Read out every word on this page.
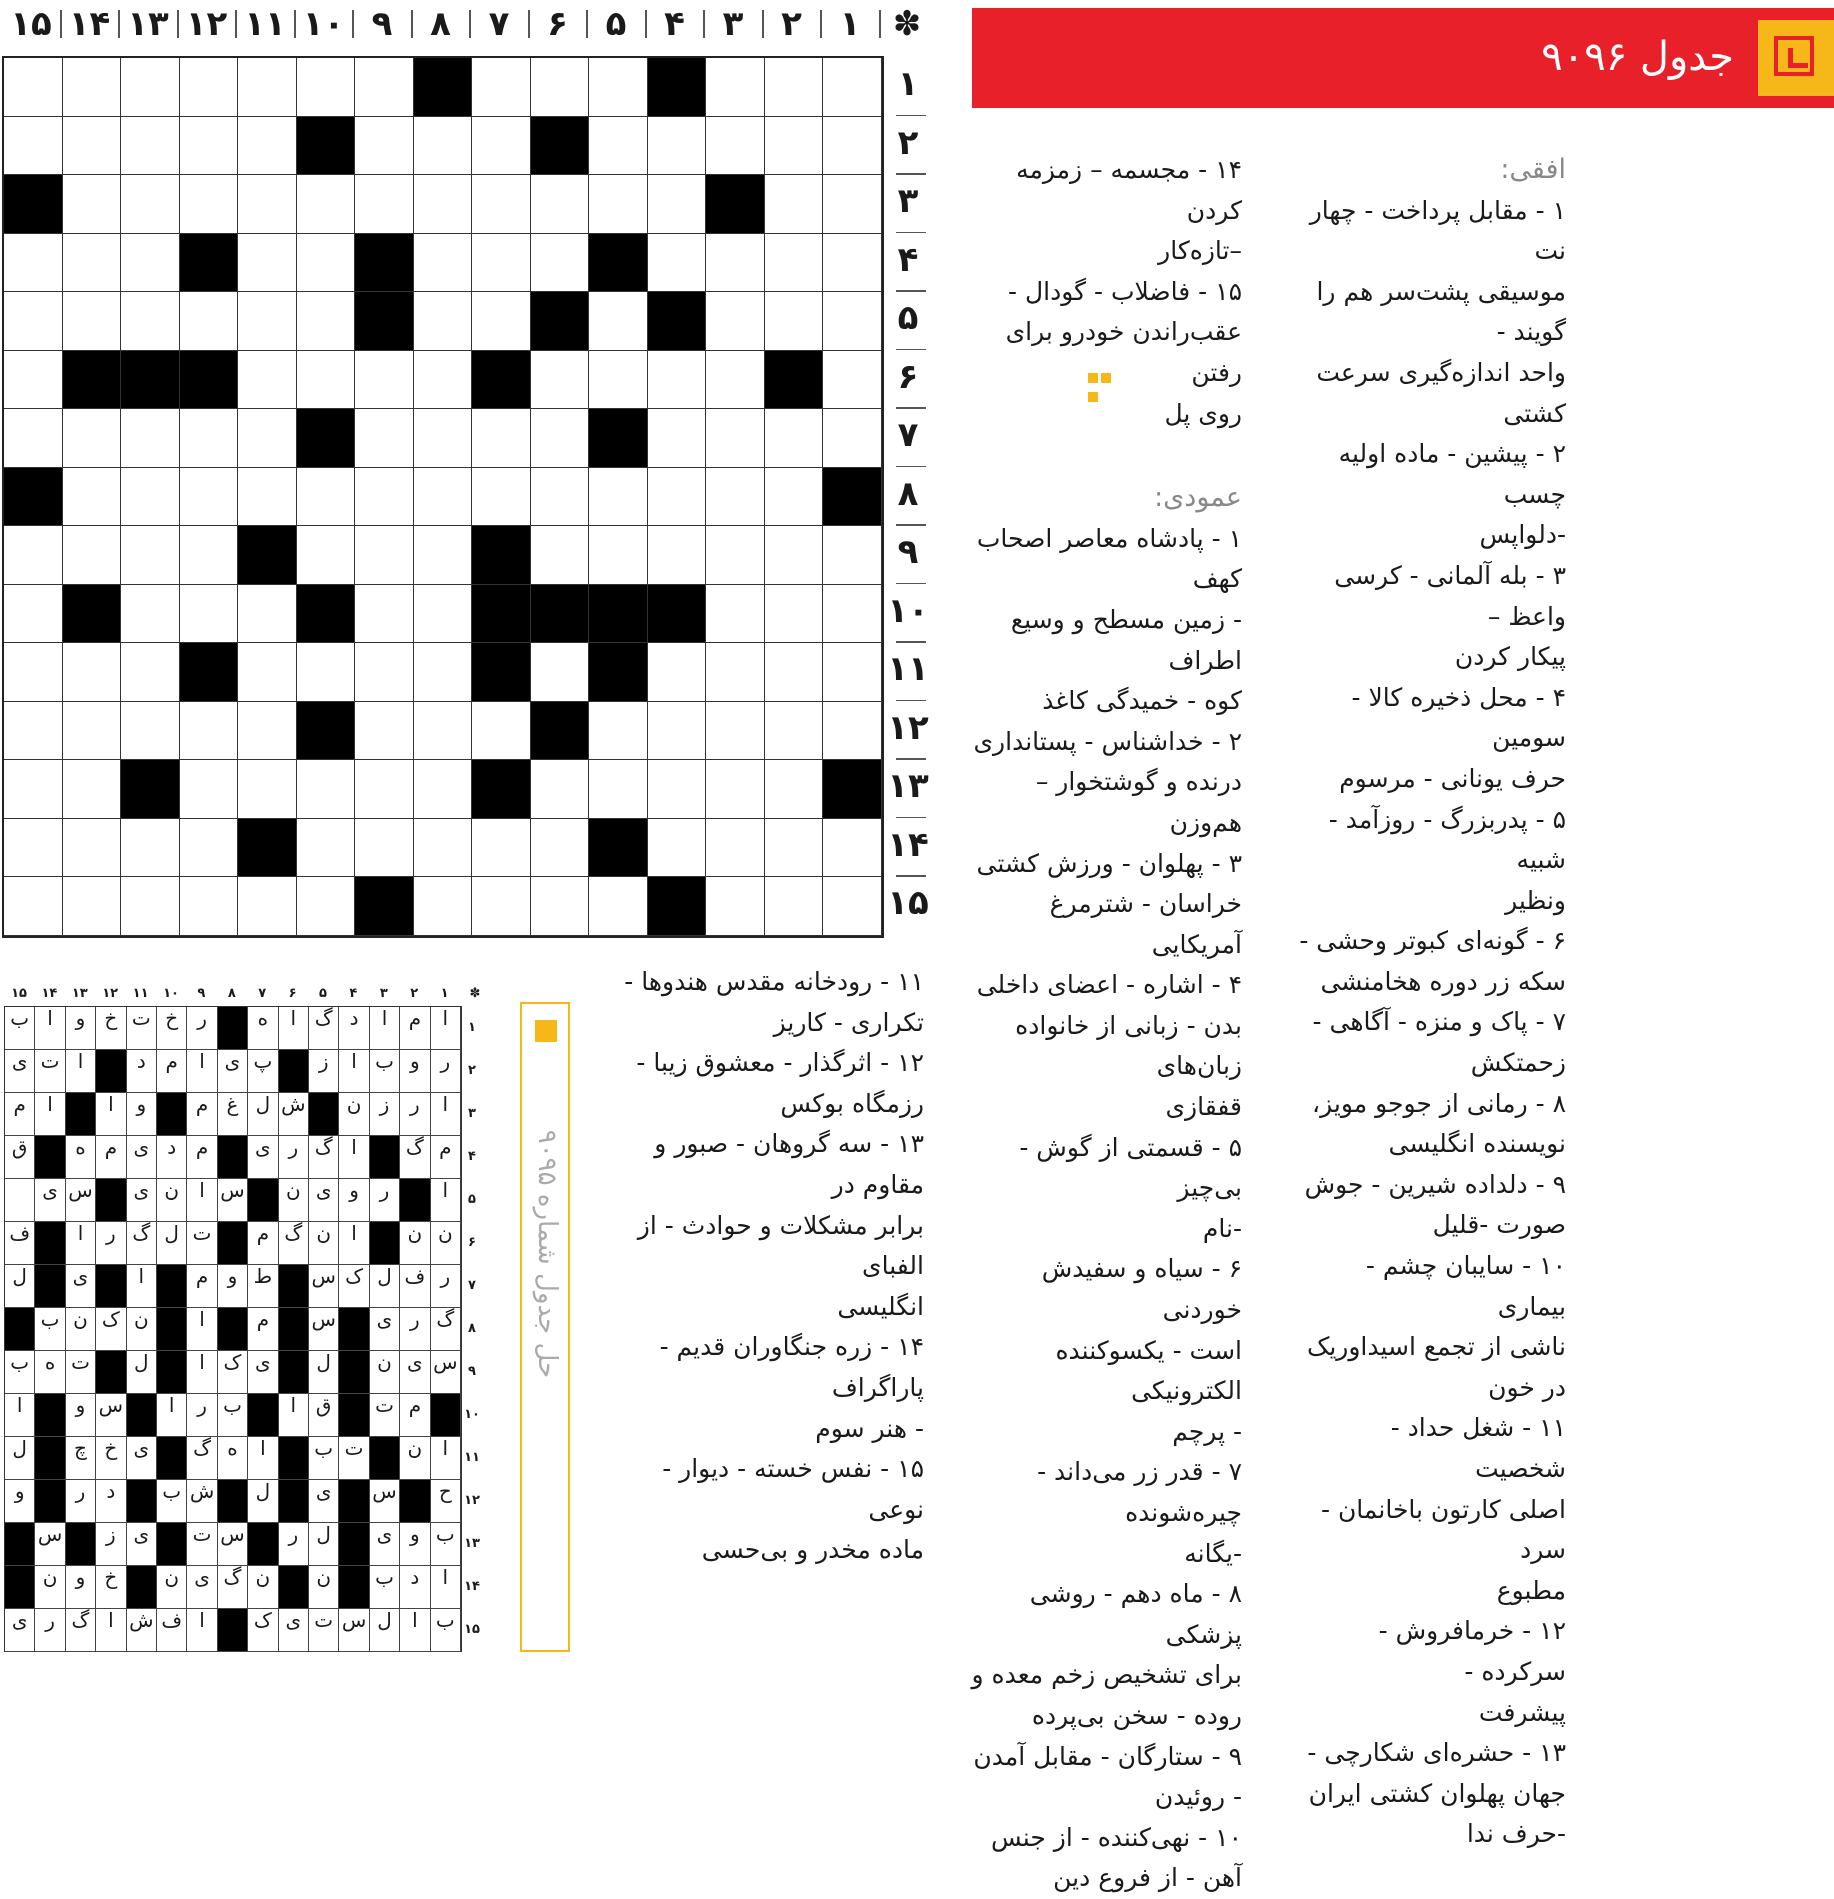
✽
۱
۲
۳
۴
۵
۶
۷
۸
۹
۱۰
۱۱
۱۲
۱۳
۱۴
۱۵
۱
۲
۳
۴
۵
۶
۷
۸
۹
۱۰
۱۱
۱۲
۱۳
۱۴
۱۵
جدول ۹۰۹۶
افقی:
۱ - مقابل پرداخت - چهار نت
موسیقی پشت‌سر هم را گویند -
واحد اندازه‌گیری سرعت کشتی
۲ - پیشین - ماده اولیه چسب
-دلواپس
۳ - بله آلمانی - کرسی واعظ –
پیکار کردن
۴ - محل ذخیره کالا - سومین
حرف یونانی - مرسوم
۵ - پدربزرگ - روزآمد - شبیه
ونظیر
۶ - گونه‌ای کبوتر وحشی -
سکه زر دوره هخامنشی
۷ - پاک و منزه - آگاهی -
زحمتکش
۸ - رمانی از جوجو مویز،
نویسنده انگلیسی
۹ - دلداده شیرین - جوش
صورت -قلیل
۱۰ - سایبان چشم - بیماری
ناشی از تجمع اسیداوریک
در خون
۱۱ - شغل حداد - شخصیت
اصلی کارتون باخانمان - سرد
مطبوع
۱۲ - خرمافروش - سرکرده -
پیشرفت
۱۳ - حشره‌ای شکارچی -
جهان پهلوان کشتی ایران
-حرف ندا
۱۴ - مجسمه – زمزمه کردن
–تازه‌کار
۱۵ - فاضلاب - گودال -
عقب‌راندن خودرو برای رفتن
روی پل
عمودی:
۱ - پادشاه معاصر اصحاب کهف
- زمین مسطح و وسیع اطراف
کوه - خمیدگی کاغذ
۲ - خداشناس - پستانداری
درنده و گوشتخوار – هم‌وزن
۳ - پهلوان - ورزش کشتی
خراسان - شترمرغ آمریکایی
۴ - اشاره - اعضای داخلی
بدن - زبانی از خانواده زبان‌های
قفقازی
۵ - قسمتی از گوش - بی‌چیز
-نام
۶ - سیاه و سفیدش خوردنی
است - یکسوکننده الکترونیکی
- پرچم
۷ - قدر زر می‌داند - چیره‌شونده
-یگانه
۸ - ماه دهم - روشی پزشکی
برای تشخیص زخم معده و
روده - سخن بی‌پرده
۹ - ستارگان - مقابل آمدن
- روئیدن
۱۰ - نهی‌کننده - از جنس
آهن - از فروع دین
۱۱ - رودخانه مقدس هندوها -
تکراری - کاریز
۱۲ - اثرگذار - معشوق زیبا -
رزمگاه بوکس
۱۳ - سه گروهان - صبور و مقاوم در
برابر مشکلات و حوادث - از الفبای
انگلیسی
۱۴ - زره جنگاوران قدیم - پاراگراف
- هنر سوم
۱۵ - نفس خسته - دیوار - نوعی
ماده مخدر و بی‌حسی
حل جدول شماره ۹۰۹۵
✽
۱
۲
۳
۴
۵
۶
۷
۸
۹
۱۰
۱۱
۱۲
۱۳
۱۴
۱۵
ا
م
ا
د
گ
ا
ه
ر
خ
ت
خ
و
ا
ب
ر
و
ب
ا
ز
پ
ی
ا
م
د
ا
ت
ی
ا
ر
ز
ن
ش
ل
غ
م
و
ا
ا
م
م
گ
ا
گ
ر
ی
م
د
ی
م
ه
ق
ا
ر
و
ی
ن
س
ا
ن
ی
س
ی
ن
ن
ا
ن
گ
م
ت
ل
گ
ر
ا
ف
ر
ف
ل
ک
س
ط
و
م
ا
ی
ل
گ
ر
ی
س
م
ا
ن
ک
ن
ب
س
ی
ن
ل
ی
ک
ا
ل
ت
ه
ب
م
ت
ق
ا
ب
ر
ا
س
و
ا
ا
ن
ت
ب
ا
ه
گ
ی
خ
چ
ل
ح
س
ی
ل
ش
ب
د
ر
و
ب
و
ی
ل
ر
س
ت
ی
ز
س
ا
د
ب
ن
ن
گ
ی
ن
خ
و
ن
ب
ا
ل
س
ت
ی
ک
ا
ف
ش
ا
گ
ر
ی
۱
۲
۳
۴
۵
۶
۷
۸
۹
۱۰
۱۱
۱۲
۱۳
۱۴
۱۵
